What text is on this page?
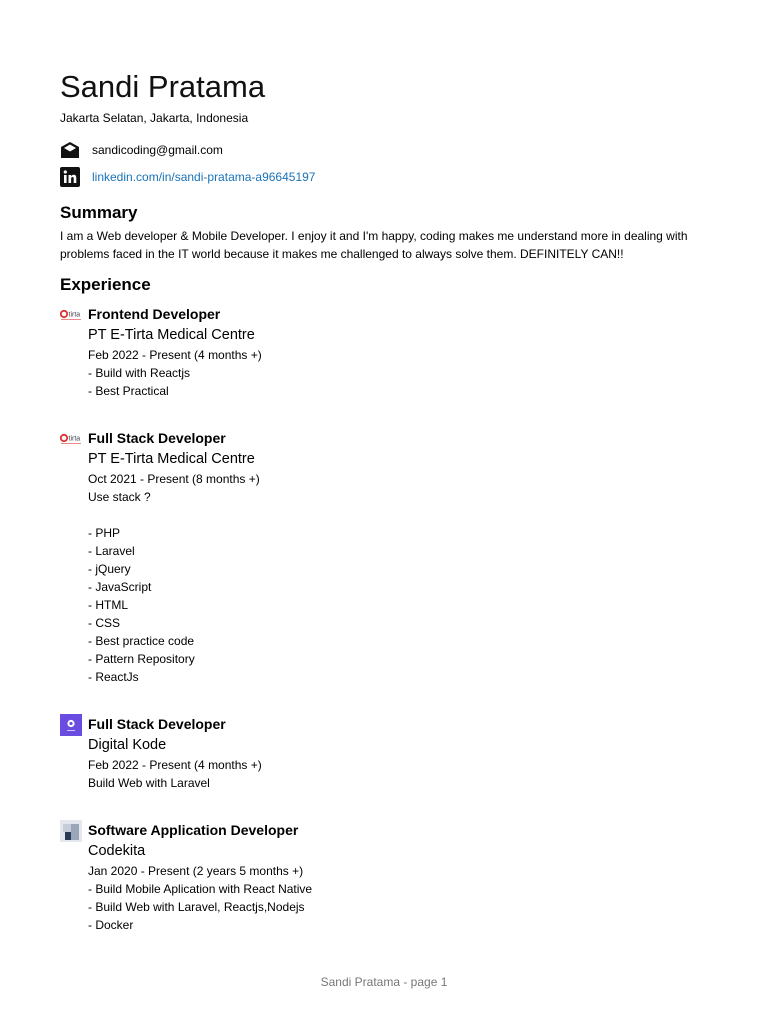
Sandi Pratama
Jakarta Selatan, Jakarta, Indonesia
sandicoding@gmail.com
linkedin.com/in/sandi-pratama-a96645197
Summary
I am a Web developer & Mobile Developer. I enjoy it and I'm happy, coding makes me understand more in dealing with problems faced in the IT world because it makes me challenged to always solve them. DEFINITELY CAN!!
Experience
tirta Frontend Developer
PT E-Tirta Medical Centre
Feb 2022 - Present (4 months +)
- Build with Reactjs
- Best Practical
tirta Full Stack Developer
PT E-Tirta Medical Centre
Oct 2021 - Present (8 months +)
Use stack ?
- PHP
- Laravel
- jQuery
- JavaScript
- HTML
- CSS
- Best practice code
- Pattern Repository
- ReactJs
Full Stack Developer
Digital Kode
Feb 2022 - Present (4 months +)
Build Web with Laravel
Software Application Developer
Codekita
Jan 2020 - Present (2 years 5 months +)
- Build Mobile Aplication with React Native
- Build Web with Laravel, Reactjs,Nodejs
- Docker
Sandi Pratama - page 1
